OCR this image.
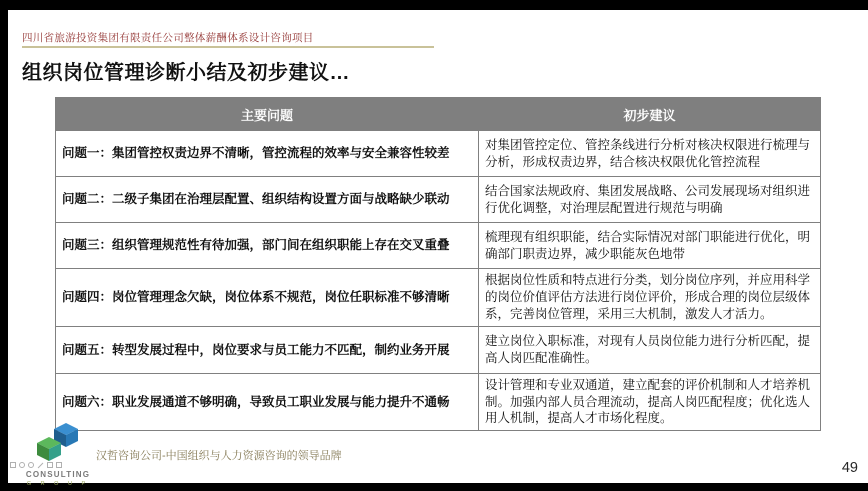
四川省旅游投资集团有限责任公司整体薪酬体系设计咨询项目
组织岗位管理诊断小结及初步建议…
主要问题	初步建议
问题一：集团管控权责边界不清晰，管控流程的效率与安全兼容性较差	对集团管控定位、管控条线进行分析对核决权限进行梳理与分析，形成权责边界，结合核决权限优化管控流程
问题二：二级子集团在治理层配置、组织结构设置方面与战略缺少联动	结合国家法规政府、集团发展战略、公司发展现场对组织进行优化调整，对治理层配置进行规范与明确
问题三：组织管理规范性有待加强，部门间在组织职能上存在交叉重叠	梳理现有组织职能，结合实际情况对部门职能进行优化，明确部门职责边界，减少职能灰色地带
问题四：岗位管理理念欠缺，岗位体系不规范，岗位任职标准不够清晰	根据岗位性质和特点进行分类，划分岗位序列，并应用科学的岗位价值评估方法进行岗位评价，形成合理的岗位层级体系，完善岗位管理，采用三大机制，激发人才活力。
问题五：转型发展过程中，岗位要求与员工能力不匹配，制约业务开展	建立岗位入职标准，对现有人员岗位能力进行分析匹配，提高人岗匹配准确性。
问题六：职业发展通道不够明确，导致员工职业发展与能力提升不通畅	设计管理和专业双通道，建立配套的评价机制和人才培养机制。加强内部人员合理流动，提高人岗匹配程度；优化选人用人机制，提高人才市场化程度。
CONSULTING
G R O U P
汉哲咨询公司-中国组织与人力资源咨询的领导品牌
49
